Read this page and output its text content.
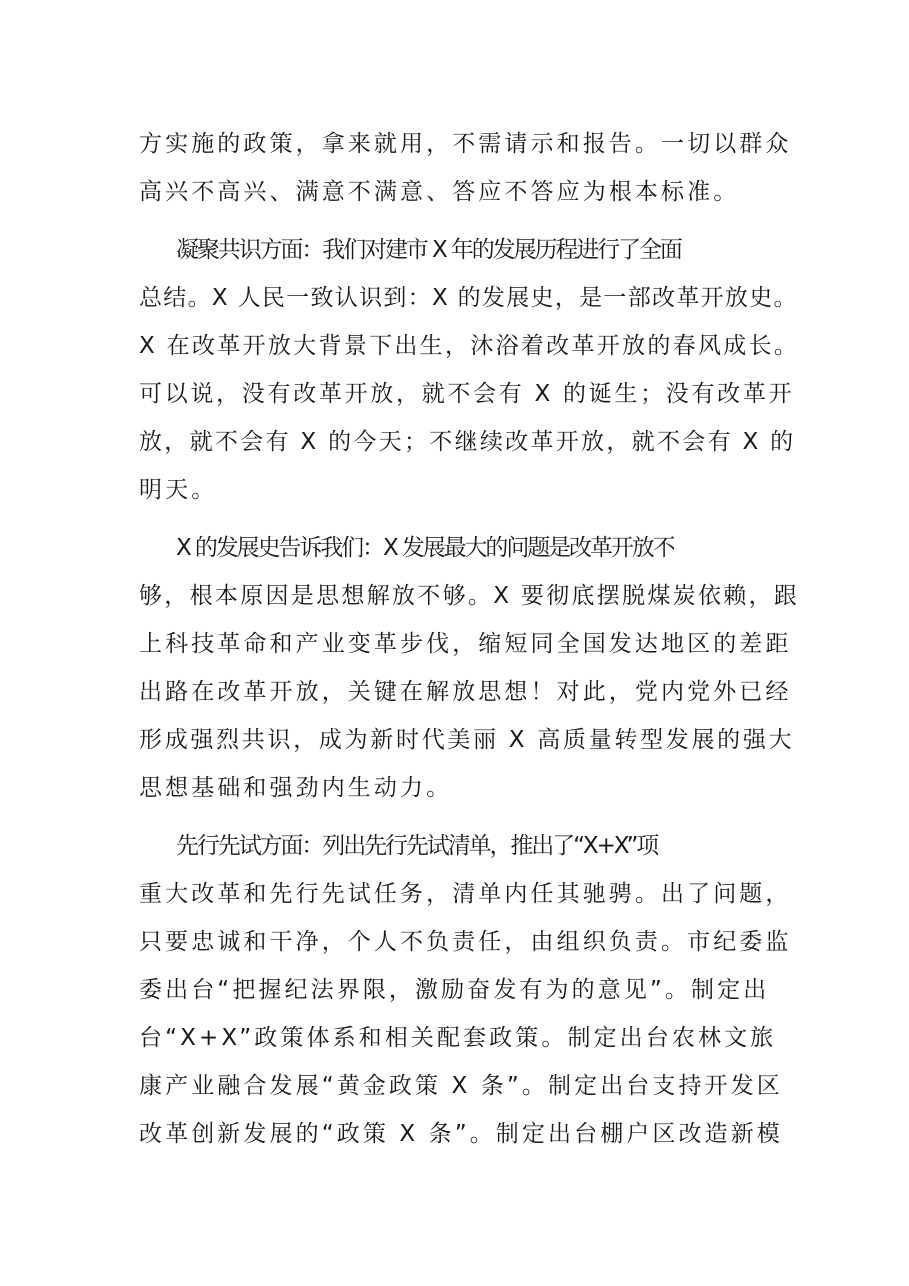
方实施的政策，拿来就用，不需请示和报告。一切以群众
高兴不高兴、满意不满意、答应不答应为根本标准。
凝聚共识方面：我们对建市 X 年的发展历程进行了全面
总结。X 人民一致认识到：X 的发展史，是一部改革开放史。
X 在改革开放大背景下出生，沐浴着改革开放的春风成长。
可以说，没有改革开放，就不会有 X 的诞生；没有改革开
放，就不会有 X 的今天；不继续改革开放，就不会有 X 的
明天。
X 的发展史告诉我们：X 发展最大的问题是改革开放不
够，根本原因是思想解放不够。X 要彻底摆脱煤炭依赖，跟
上科技革命和产业变革步伐，缩短同全国发达地区的差距
出路在改革开放，关键在解放思想！对此，党内党外已经
形成强烈共识，成为新时代美丽 X 高质量转型发展的强大
思想基础和强劲内生动力。
先行先试方面：列出先行先试清单，推出了“X+X”项
重大改革和先行先试任务，清单内任其驰骋。出了问题，
只要忠诚和干净，个人不负责任，由组织负责。市纪委监
委出台“把握纪法界限，激励奋发有为的意见”。制定出
台“X+X”政策体系和相关配套政策。制定出台农林文旅
康产业融合发展“黄金政策 X 条”。制定出台支持开发区
改革创新发展的“政策 X 条”。制定出台棚户区改造新模
